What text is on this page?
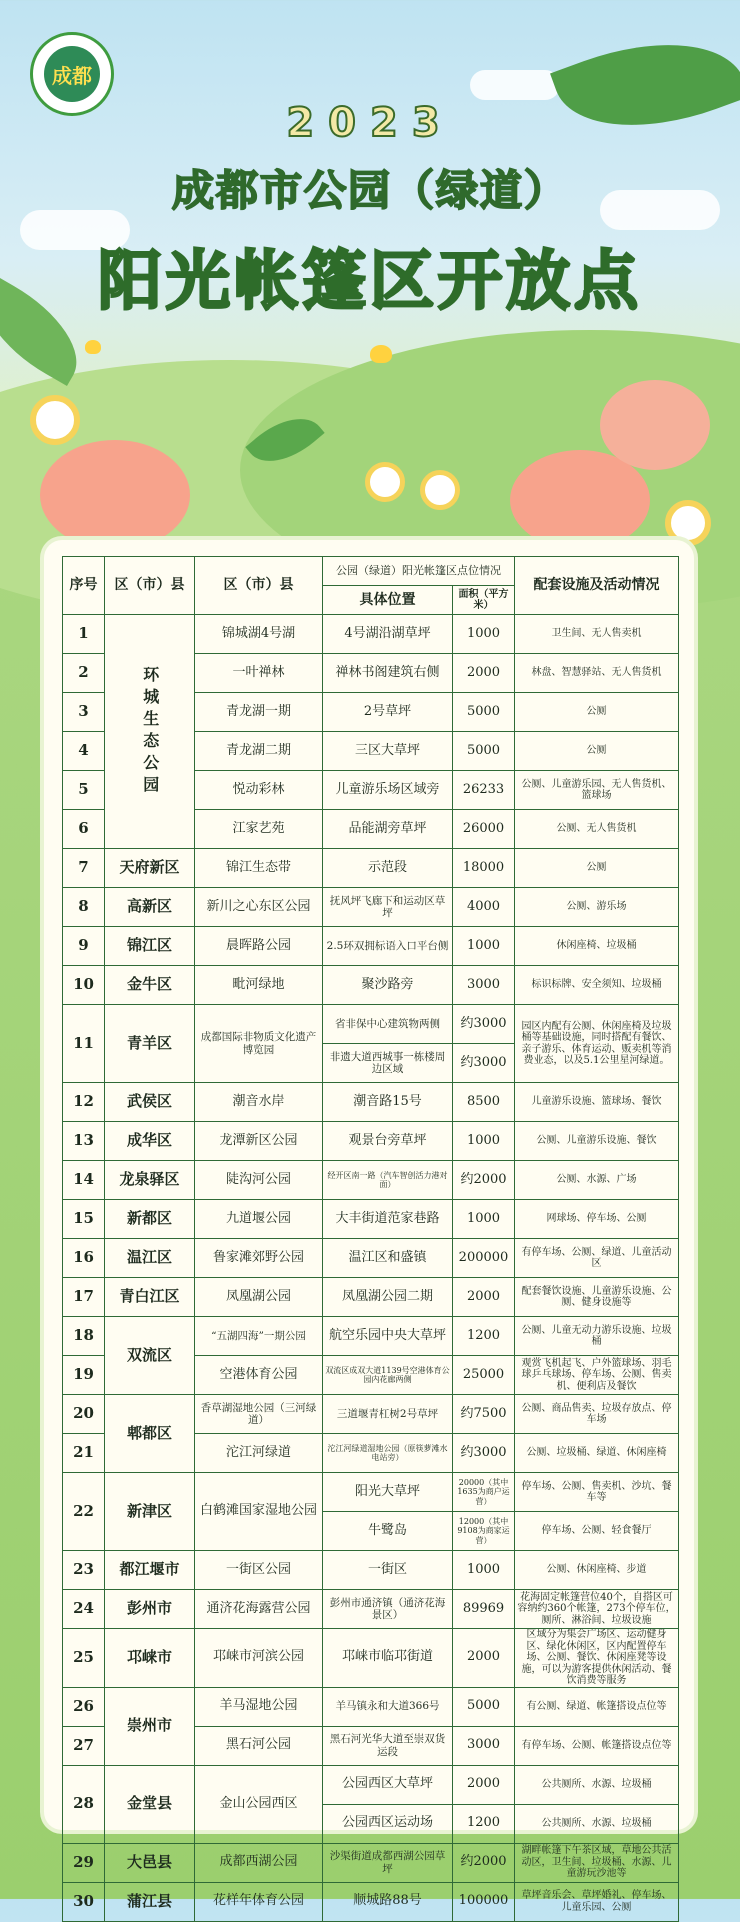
成都
2023
成都市公园（绿道）
阳光帐篷区开放点
序号	区（市）县	区（市）县	公园（绿道）阳光帐篷区点位情况		配套设施及活动情况
			具体位置	面积（平方米）	
1	环城生态公园	锦城湖4号湖	4号湖沿湖草坪	1000	卫生间、无人售卖机
2		一叶禅林	禅林书阁建筑右侧	2000	林盘、智慧驿站、无人售货机
3		青龙湖一期	2号草坪	5000	公厕
4		青龙湖二期	三区大草坪	5000	公厕
5		悦动彩林	儿童游乐场区域旁	26233	公厕、儿童游乐园、无人售货机、篮球场
6		江家艺苑	品能湖旁草坪	26000	公厕、无人售货机
7	天府新区	锦江生态带	示范段	18000	公厕
8	高新区	新川之心东区公园	抚风坪飞廊下和运动区草坪	4000	公厕、游乐场
9	锦江区	晨晖路公园	2.5环双拥标语入口平台侧	1000	休闲座椅、垃圾桶
10	金牛区	毗河绿地	聚沙路旁	3000	标识标牌、安全须知、垃圾桶
11	青羊区	成都国际非物质文化遗产博览园	省非保中心建筑物两侧	约3000	园区内配有公厕、休闲座椅及垃圾桶等基础设施，同时搭配有餐饮、亲子游乐、体育运动、贩卖机等消费业态，以及5.1公里星河绿道。
			非遗大道西城事一栋楼周边区域	约3000	
12	武侯区	潮音水岸	潮音路15号	8500	儿童游乐设施、篮球场、餐饮
13	成华区	龙潭新区公园	观景台旁草坪	1000	公厕、儿童游乐设施、餐饮
14	龙泉驿区	陡沟河公园	经开区南一路（汽车智创活力港对面）	约2000	公厕、水源、广场
15	新都区	九道堰公园	大丰街道范家巷路	1000	网球场、停车场、公厕
16	温江区	鲁家滩郊野公园	温江区和盛镇	200000	有停车场、公厕、绿道、儿童活动区
17	青白江区	凤凰湖公园	凤凰湖公园二期	2000	配套餐饮设施、儿童游乐设施、公厕、健身设施等
18	双流区	“五湖四海”一期公园	航空乐园中央大草坪	1200	公厕、儿童无动力游乐设施、垃圾桶
19		空港体育公园	双流区成双大道1139号空港体育公园内花廊两侧	25000	观赏飞机起飞、户外篮球场、羽毛球乒乓球场、停车场、公厕、售卖机、便利店及餐饮
20	郫都区	香草湖湿地公园（三河绿道）	三道堰青杠树2号草坪	约7500	公厕、商品售卖、垃圾存放点、停车场
21		沱江河绿道	沱江河绿道湿地公园（原筷萝滩水电站旁）	约3000	公厕、垃圾桶、绿道、休闲座椅
22	新津区	白鹤滩国家湿地公园	阳光大草坪	20000（其中1635为商户运营）	停车场、公厕、售卖机、沙坑、餐车等
			牛鹭岛	12000（其中9108为商家运营）	停车场、公厕、轻食餐厅
23	都江堰市	一街区公园	一街区	1000	公厕、休闲座椅、步道
24	彭州市	通济花海露营公园	彭州市通济镇（通济花海景区）	89969	花海固定帐篷营位40个，自搭区可容纳约360个帐篷，273个停车位，厕所、淋浴间、垃圾设施
25	邛崃市	邛崃市河滨公园	邛崃市临邛街道	2000	区域分为集会广场区、运动健身区、绿化休闲区，区内配置停车场、公厕、餐饮、休闲座凳等设施，可以为游客提供休闲活动、餐饮消费等服务
26	崇州市	羊马湿地公园	羊马镇永和大道366号	5000	有公厕、绿道、帐篷搭设点位等
27		黑石河公园	黑石河光华大道至崇双货运段	3000	有停车场、公厕、帐篷搭设点位等
28	金堂县	金山公园西区	公园西区大草坪	2000	公共厕所、水源、垃圾桶
			公园西区运动场	1200	公共厕所、水源、垃圾桶
29	大邑县	成都西湖公园	沙渠街道成都西湖公园草坪	约2000	湖畔帐篷下午茶区域，草地公共活动区，卫生间、垃圾桶、水源、儿童游玩沙池等
30	蒲江县	花样年体育公园	顺城路88号	100000	草坪音乐会、草坪婚礼、停车场、儿童乐园、公厕
